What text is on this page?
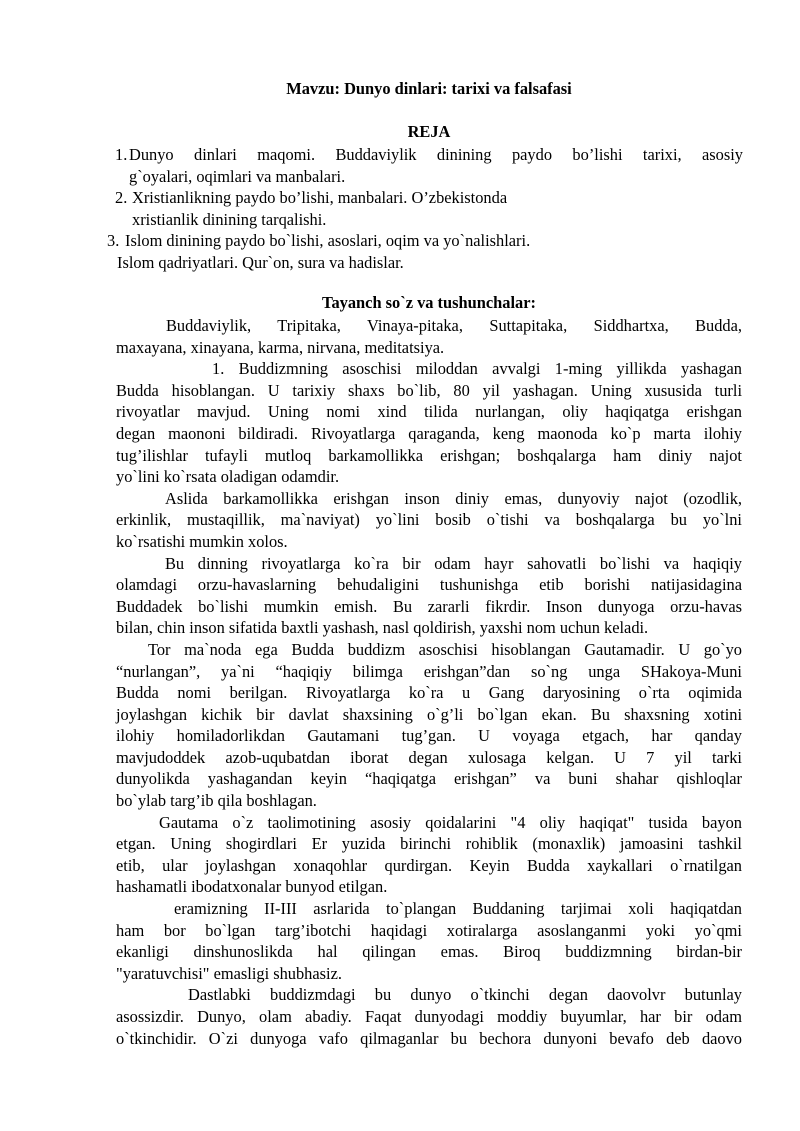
Mavzu: Dunyo dinlari: tarixi va falsafasi
REJA
1. Dunyo dinlari maqomi. Buddaviylik dinining paydo bo’lishi tarixi, asosiy
g`oyalari, oqimlari va manbalari.
2. Xristianlikning paydo bo’lishi, manbalari. O’zbekistonda
xristianlik dinining tarqalishi.
3. Islom dinining paydo bo`lishi, asoslari, oqim va yo`nalishlari.
Islom qadriyatlari. Qur`on, sura va hadislar.
Tayanch so`z va tushunchalar:
Buddaviylik, Tripitaka, Vinaya-pitaka, Suttapitaka, Siddhartxa, Budda,
maxayana, xinayana, karma, nirvana, meditatsiya.
1. Buddizmning asoschisi miloddan avvalgi 1-ming yillikda yashagan
Budda hisoblangan. U tarixiy shaxs bo`lib, 80 yil yashagan. Uning xususida turli
rivoyatlar mavjud. Uning nomi xind tilida nurlangan, oliy haqiqatga erishgan
degan maononi bildiradi. Rivoyatlarga qaraganda, keng maonoda ko`p marta ilohiy
tug’ilishlar tufayli mutloq barkamollikka erishgan; boshqalarga ham diniy najot
yo`lini ko`rsata oladigan odamdir.
Aslida barkamollikka erishgan inson diniy emas, dunyoviy najot (ozodlik,
erkinlik, mustaqillik, ma`naviyat) yo`lini bosib o`tishi va boshqalarga bu yo`lni
ko`rsatishi mumkin xolos.
Bu dinning rivoyatlarga ko`ra bir odam hayr sahovatli bo`lishi va haqiqiy
olamdagi orzu-havaslarning behudaligini tushunishga etib borishi natijasidagina
Buddadek bo`lishi mumkin emish. Bu zararli fikrdir. Inson dunyoga orzu-havas
bilan, chin inson sifatida baxtli yashash, nasl qoldirish, yaxshi nom uchun keladi.
Tor ma`noda ega Budda buddizm asoschisi hisoblangan Gautamadir. U go`yo
“nurlangan”, ya`ni “haqiqiy bilimga erishgan”dan so`ng unga SHakoya-Muni
Budda nomi berilgan. Rivoyatlarga ko`ra u Gang daryosining o`rta oqimida
joylashgan kichik bir davlat shaxsining o`g’li bo`lgan ekan. Bu shaxsning xotini
ilohiy homiladorlikdan Gautamani tug’gan. U voyaga etgach, har qanday
mavjudoddek azob-uqubatdan iborat degan xulosaga kelgan. U 7 yil tarki
dunyolikda yashagandan keyin “haqiqatga erishgan” va buni shahar qishloqlar
bo`ylab targ’ib qila boshlagan.
Gautama o`z taolimotining asosiy qoidalarini "4 oliy haqiqat" tusida bayon
etgan. Uning shogirdlari Er yuzida birinchi rohiblik (monaxlik) jamoasini tashkil
etib, ular joylashgan xonaqohlar qurdirgan. Keyin Budda xaykallari o`rnatilgan
hashamatli ibodatxonalar bunyod etilgan.
eramizning II-III asrlarida to`plangan Buddaning tarjimai xoli haqiqatdan
ham bor bo`lgan targ’ibotchi haqidagi xotiralarga asoslanganmi yoki yo`qmi
ekanligi dinshunoslikda hal qilingan emas. Biroq buddizmning birdan-bir
"yaratuvchisi" emasligi shubhasiz.
Dastlabki buddizmdagi bu dunyo o`tkinchi degan daovolvr butunlay
asossizdir. Dunyo, olam abadiy. Faqat dunyodagi moddiy buyumlar, har bir odam
o`tkinchidir. O`zi dunyoga vafo qilmaganlar bu bechora dunyoni bevafo deb daovo
